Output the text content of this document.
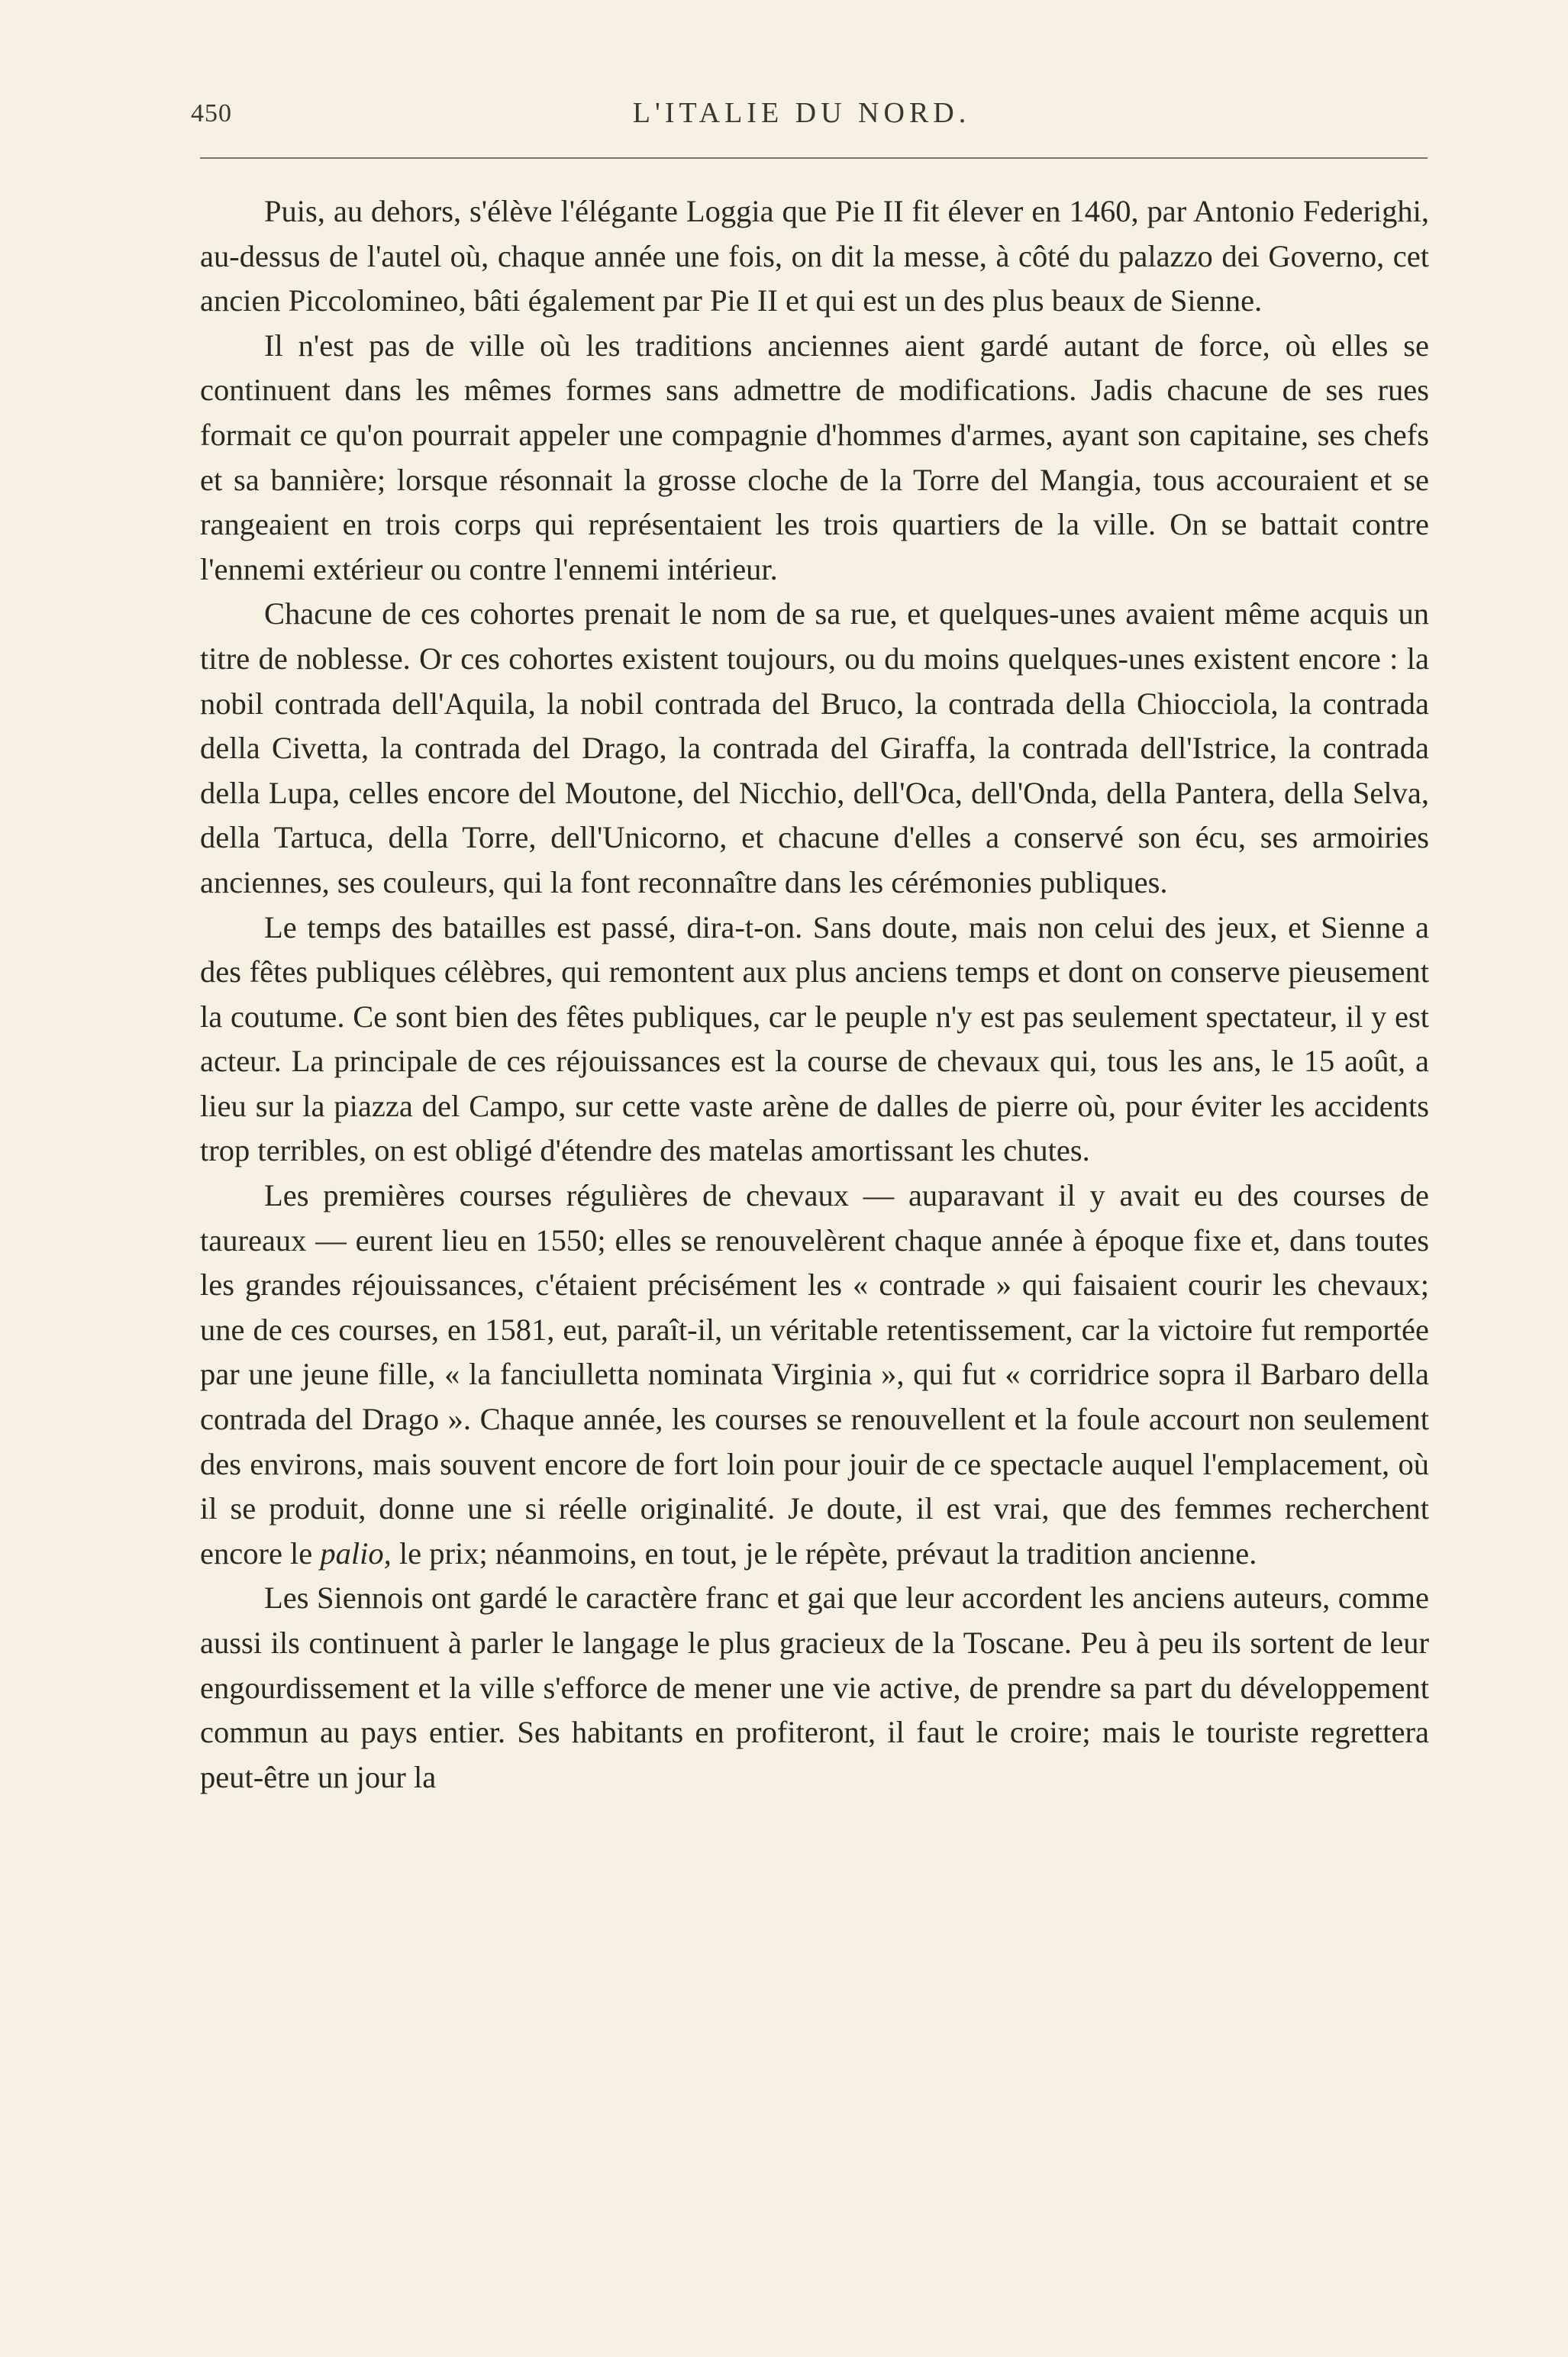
450	L'ITALIE DU NORD.

Puis, au dehors, s'élève l'élégante Loggia que Pie II fit élever en 1460, par Antonio Federighi, au-dessus de l'autel où, chaque année une fois, on dit la messe, à côté du palazzo dei Governo, cet ancien Piccolomineo, bâti également par Pie II et qui est un des plus beaux de Sienne.

Il n'est pas de ville où les traditions anciennes aient gardé autant de force, où elles se continuent dans les mêmes formes sans admettre de modifications. Jadis chacune de ses rues formait ce qu'on pourrait appeler une compagnie d'hommes d'armes, ayant son capitaine, ses chefs et sa bannière; lorsque résonnait la grosse cloche de la Torre del Mangia, tous accouraient et se rangeaient en trois corps qui représentaient les trois quartiers de la ville. On se battait contre l'ennemi extérieur ou contre l'ennemi intérieur.

Chacune de ces cohortes prenait le nom de sa rue, et quelques-unes avaient même acquis un titre de noblesse. Or ces cohortes existent toujours, ou du moins quelques-unes existent encore : la nobil contrada dell'Aquila, la nobil contrada del Bruco, la contrada della Chiocciola, la contrada della Civetta, la contrada del Drago, la contrada del Giraffa, la contrada dell'Istrice, la contrada della Lupa, celles encore del Moutone, del Nicchio, dell'Oca, dell'Onda, della Pantera, della Selva, della Tartuca, della Torre, dell'Unicorno, et chacune d'elles a conservé son écu, ses armoiries anciennes, ses couleurs, qui la font reconnaître dans les cérémonies publiques.

Le temps des batailles est passé, dira-t-on. Sans doute, mais non celui des jeux, et Sienne a des fêtes publiques célèbres, qui remontent aux plus anciens temps et dont on conserve pieusement la coutume. Ce sont bien des fêtes publiques, car le peuple n'y est pas seulement spectateur, il y est acteur. La principale de ces réjouissances est la course de chevaux qui, tous les ans, le 15 août, a lieu sur la piazza del Campo, sur cette vaste arène de dalles de pierre où, pour éviter les accidents trop terribles, on est obligé d'étendre des matelas amortissant les chutes.

Les premières courses régulières de chevaux — auparavant il y avait eu des courses de taureaux — eurent lieu en 1550; elles se renouvelèrent chaque année à époque fixe et, dans toutes les grandes réjouissances, c'étaient précisément les « contrade » qui faisaient courir les chevaux; une de ces courses, en 1581, eut, paraît-il, un véritable retentissement, car la victoire fut remportée par une jeune fille, « la fanciulletta nominata Virginia », qui fut « corridrice sopra il Barbaro della contrada del Drago ». Chaque année, les courses se renouvellent et la foule accourt non seulement des environs, mais souvent encore de fort loin pour jouir de ce spectacle auquel l'emplacement, où il se produit, donne une si réelle originalité. Je doute, il est vrai, que des femmes recherchent encore le palio, le prix; néanmoins, en tout, je le répète, prévaut la tradition ancienne.

Les Siennois ont gardé le caractère franc et gai que leur accordent les anciens auteurs, comme aussi ils continuent à parler le langage le plus gracieux de la Toscane. Peu à peu ils sortent de leur engourdissement et la ville s'efforce de mener une vie active, de prendre sa part du développement commun au pays entier. Ses habitants en profiteront, il faut le croire; mais le touriste regrettera peut-être un jour la
